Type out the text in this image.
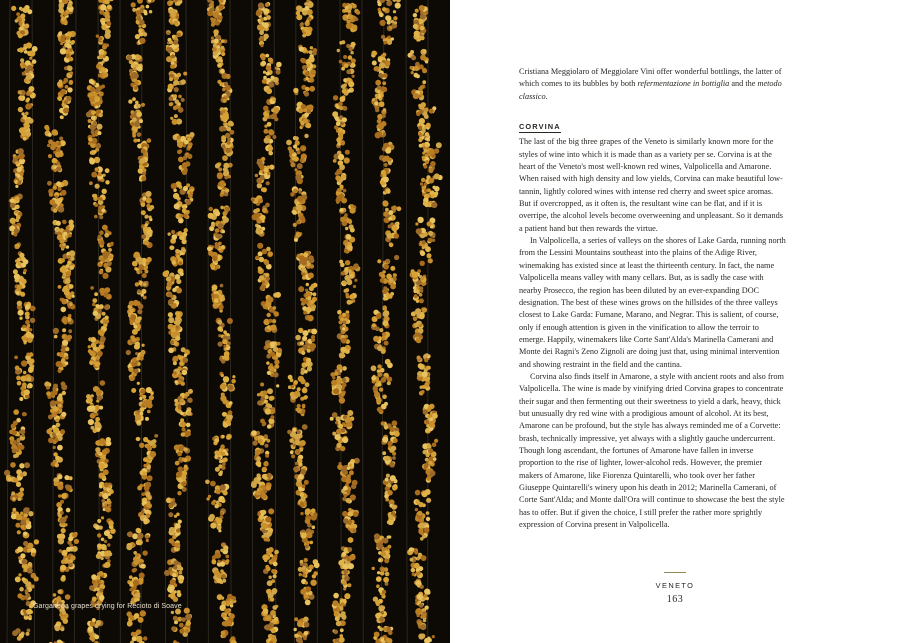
Garganega grapes drying for Recioto di Soave

Cristiana Meggiolaro of Meggiolare Vini offer wonderful bottlings, the latter of which comes to its bubbles by both refermentazione in bottiglia and the metodo classico.

CORVINA

The last of the big three grapes of the Veneto is similarly known more for the styles of wine into which it is made than as a variety per se. Corvina is at the heart of the Veneto's most well-known red wines, Valpolicella and Amarone. When raised with high density and low yields, Corvina can make beautiful low-tannin, lightly colored wines with intense red cherry and sweet spice aromas. But if overcropped, as it often is, the resultant wine can be flat, and if it is overripe, the alcohol levels become overweening and unpleasant. So it demands a patient hand but then rewards the virtue.

In Valpolicella, a series of valleys on the shores of Lake Garda, running north from the Lessini Mountains southeast into the plains of the Adige River, winemaking has existed since at least the thirteenth century. In fact, the name Valpolicella means valley with many cellars. But, as is sadly the case with nearby Prosecco, the region has been diluted by an ever-expanding DOC designation. The best of these wines grows on the hillsides of the three valleys closest to Lake Garda: Fumane, Marano, and Negrar. This is salient, of course, only if enough attention is given in the vinification to allow the terroir to emerge. Happily, winemakers like Corte Sant'Alda's Marinella Camerani and Monte dei Ragni's Zeno Zignoli are doing just that, using minimal intervention and showing restraint in the field and the cantina.

Corvina also finds itself in Amarone, a style with ancient roots and also from Valpolicella. The wine is made by vinifying dried Corvina grapes to concentrate their sugar and then fermenting out their sweetness to yield a dark, heavy, thick but unusually dry red wine with a prodigious amount of alcohol. At its best, Amarone can be profound, but the style has always reminded me of a Corvette: brash, technically impressive, yet always with a slightly gauche undercurrent. Though long ascendant, the fortunes of Amarone have fallen in inverse proportion to the rise of lighter, lower-alcohol reds. However, the premier makers of Amarone, like Fiorenza Quintarelli, who took over her father Giuseppe Quintarelli's winery upon his death in 2012; Marinella Camerani, of Corte Sant'Alda; and Monte dall'Ora will continue to showcase the best the style has to offer. But if given the choice, I still prefer the rather more sprightly expression of Corvina present in Valpolicella.

VENETO
163
